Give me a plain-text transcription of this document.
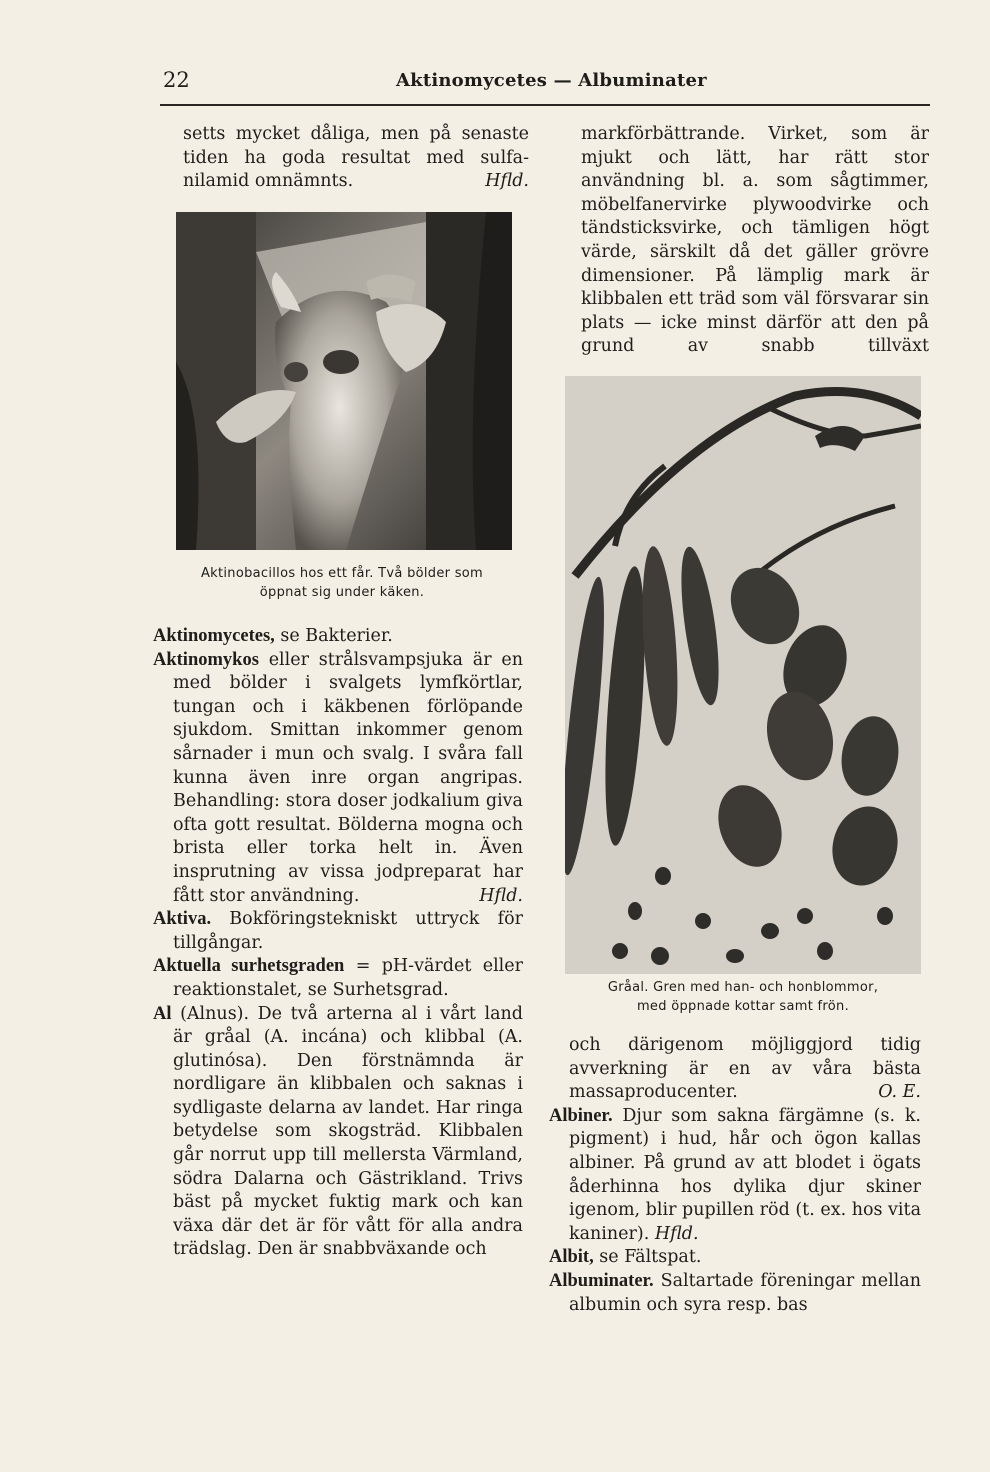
22	Aktinomycetes — Albuminater

setts mycket dåliga, men på senaste

tiden ha goda resultat med sulfa-

nilamid omnämnts.	Hfld.

Aktinobacillos hos ett får. Två bölder som
öppnat sig under käken.

Aktinomycetes, se Bakterier.

Aktinomykos eller strålsvampsjuka är en med bölder i svalgets lymfkörtlar, tungan och i käkbenen förlöpande sjukdom. Smittan inkommer genom sårnader i mun och svalg. I svåra fall kunna även inre organ angripas. Behandling: stora doser jodkalium giva ofta gott resultat. Bölderna mogna och brista eller torka helt in. Även insprutning av vissa jodpreparat har fått stor användning.	Hfld.

Aktiva. Bokföringstekniskt uttryck för tillgångar.

Aktuella surhetsgraden = pH-värdet eller reaktionstalet, se Surhetsgrad.

Al (Alnus). De två arterna al i vårt land är gråal (A. incána) och klibbal (A. glutinósa). Den förstnämnda är nordligare än klibbalen och saknas i sydligaste delarna av landet. Har ringa betydelse som skogsträd. Klibbalen går norrut upp till mellersta Värmland, södra Dalarna och Gästrikland. Trivs bäst på mycket fuktig mark och kan växa där det är för vått för alla andra trädslag. Den är snabbväxande och

markförbättrande. Virket, som är mjukt och lätt, har rätt stor användning bl. a. som sågtimmer, möbelfanervirke plywoodvirke och tändsticksvirke, och tämligen högt värde, särskilt då det gäller grövre dimensioner. På lämplig mark är klibbalen ett träd som väl försvarar sin plats — icke minst därför att den på grund av snabb tillväxt

Gråal. Gren med han- och honblommor,
med öppnade kottar samt frön.

och därigenom möjliggjord tidig avverkning är en av våra bästa massaproducenter.	O. E.

Albiner. Djur som sakna färgämne (s. k. pigment) i hud, hår och ögon kallas albiner. På grund av att blodet i ögats åderhinna hos dylika djur skiner igenom, blir pupillen röd (t. ex. hos vita kaniner). Hfld.

Albit, se Fältspat.

Albuminater. Saltartade föreningar mellan albumin och syra resp. bas
